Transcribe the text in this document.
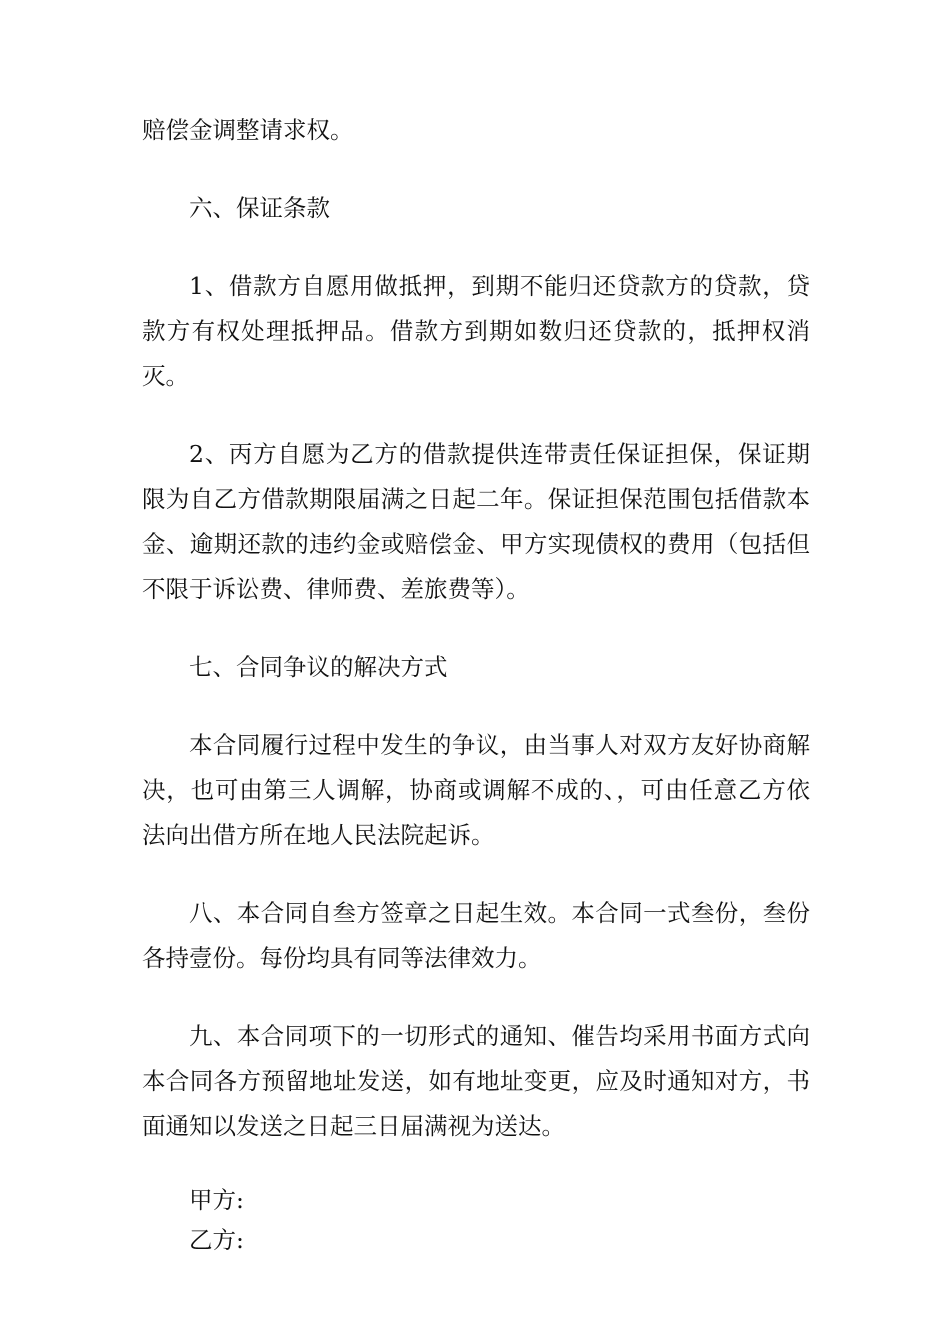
赔偿金调整请求权。

六、保证条款

1、借款方自愿用做抵押，到期不能归还贷款方的贷款，贷款方有权处理抵押品。借款方到期如数归还贷款的，抵押权消灭。

2、丙方自愿为乙方的借款提供连带责任保证担保，保证期限为自乙方借款期限届满之日起二年。保证担保范围包括借款本金、逾期还款的违约金或赔偿金、甲方实现债权的费用（包括但不限于诉讼费、律师费、差旅费等）。

七、合同争议的解决方式

本合同履行过程中发生的争议，由当事人对双方友好协商解决，也可由第三人调解，协商或调解不成的、，可由任意乙方依法向出借方所在地人民法院起诉。

八、本合同自叁方签章之日起生效。本合同一式叁份，叁份各持壹份。每份均具有同等法律效力。

九、本合同项下的一切形式的通知、催告均采用书面方式向本合同各方预留地址发送，如有地址变更，应及时通知对方，书面通知以发送之日起三日届满视为送达。

甲方:

乙方:
